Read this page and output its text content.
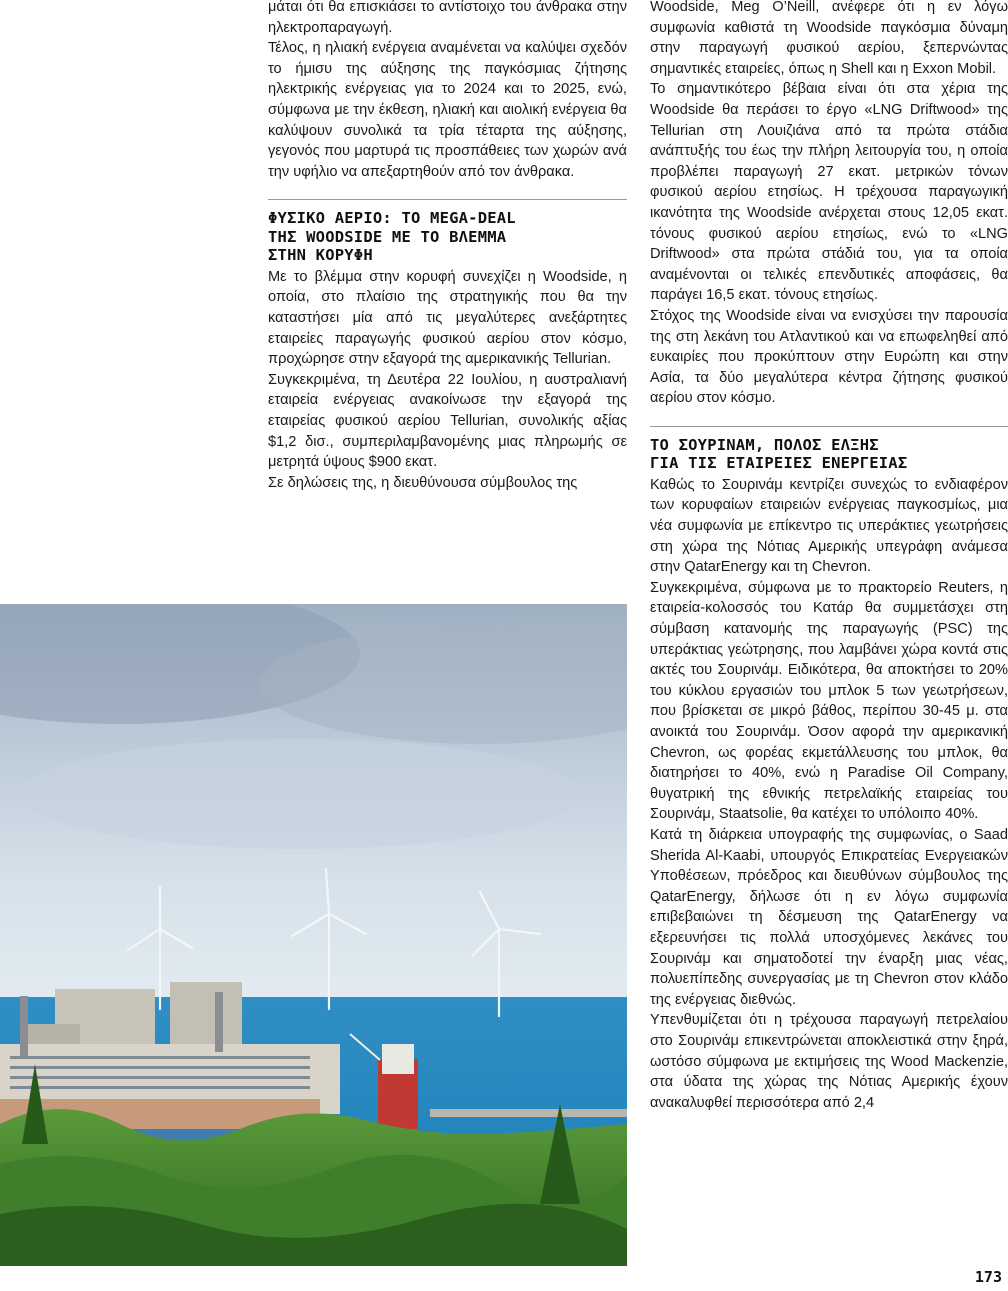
μάται ότι θα επισκιάσει το αντίστοιχο του άνθρακα στην ηλεκτροπαραγωγή.

Τέλος, η ηλιακή ενέργεια αναμένεται να καλύψει σχεδόν το ήμισυ της αύξησης της παγκόσμιας ζήτησης ηλεκτρικής ενέργειας για το 2024 και το 2025, ενώ, σύμφωνα με την έκθεση, ηλιακή και αιολική ενέργεια θα καλύψουν συνολικά τα τρία τέταρτα της αύξησης, γεγονός που μαρτυρά τις προσπάθειες των χωρών ανά την υφήλιο να απεξαρτηθούν από τον άνθρακα.

ΦΥΣΙΚΟ ΑΕΡΙΟ: ΤΟ MEGA-DEAL
ΤΗΣ WOODSIDE ΜΕ ΤΟ ΒΛΕΜΜΑ
ΣΤΗΝ ΚΟΡΥΦΗ

Με το βλέμμα στην κορυφή συνεχίζει η Woodside, η οποία, στο πλαίσιο της στρατηγικής που θα την καταστήσει μία από τις μεγαλύτερες ανεξάρτητες εταιρείες παραγωγής φυσικού αερίου στον κόσμο, προχώρησε στην εξαγορά της αμερικανικής Tellurian.

Συγκεκριμένα, τη Δευτέρα 22 Ιουλίου, η αυστραλιανή εταιρεία ενέργειας ανακοίνωσε την εξαγορά της εταιρείας φυσικού αερίου Tellurian, συνολικής αξίας $1,2 δισ., συμπεριλαμβανομένης μιας πληρωμής σε μετρητά ύψους $900 εκατ.

Σε δηλώσεις της, η διευθύνουσα σύμβουλος της

Woodside, Meg O’Neill, ανέφερε ότι η εν λόγω συμφωνία καθιστά τη Woodside παγκόσμια δύναμη στην παραγωγή φυσικού αερίου, ξεπερνώντας σημαντικές εταιρείες, όπως η Shell και η Exxon Mobil.

Το σημαντικότερο βέβαια είναι ότι στα χέρια της Woodside θα περάσει το έργο «LNG Driftwood» της Tellurian στη Λουιζιάνα από τα πρώτα στάδια ανάπτυξής του έως την πλήρη λειτουργία του, η οποία προβλέπει παραγωγή 27 εκατ. μετρικών τόνων φυσικού αερίου ετησίως. Η τρέχουσα παραγωγική ικανότητα της Woodside ανέρχεται στους 12,05 εκατ. τόνους φυσικού αερίου ετησίως, ενώ το «LNG Driftwood» στα πρώτα στάδιά του, για τα οποία αναμένονται οι τελικές επενδυτικές αποφάσεις, θα παράγει 16,5 εκατ. τόνους ετησίως.

Στόχος της Woodside είναι να ενισχύσει την παρουσία της στη λεκάνη του Ατλαντικού και να επωφεληθεί από ευκαιρίες που προκύπτουν στην Ευρώπη και στην Ασία, τα δύο μεγαλύτερα κέντρα ζήτησης φυσικού αερίου στον κόσμο.

ΤΟ ΣΟΥΡΙΝΑΜ, ΠΟΛΟΣ ΕΛΞΗΣ
ΓΙΑ ΤΙΣ ΕΤΑΙΡΕΙΕΣ ΕΝΕΡΓΕΙΑΣ

Καθώς το Σουρινάμ κεντρίζει συνεχώς το ενδιαφέρον των κορυφαίων εταιρειών ενέργειας παγκοσμίως, μια νέα συμφωνία με επίκεντρο τις υπεράκτιες γεωτρήσεις στη χώρα της Νότιας Αμερικής υπεγράφη ανάμεσα στην QatarEnergy και τη Chevron.

Συγκεκριμένα, σύμφωνα με το πρακτορείο Reuters, η εταιρεία-κολοσσός του Κατάρ θα συμμετάσχει στη σύμβαση κατανομής της παραγωγής (PSC) της υπεράκτιας γεώτρησης, που λαμβάνει χώρα κοντά στις ακτές του Σουρινάμ. Ειδικότερα, θα αποκτήσει το 20% του κύκλου εργασιών του μπλοκ 5 των γεωτρήσεων, που βρίσκεται σε μικρό βάθος, περίπου 30-45 μ. στα ανοικτά του Σουρινάμ. Όσον αφορά την αμερικανική Chevron, ως φορέας εκμετάλλευσης του μπλοκ, θα διατηρήσει το 40%, ενώ η Paradise Oil Company, θυγατρική της εθνικής πετρελαϊκής εταιρείας του Σουρινάμ, Staatsolie, θα κατέχει το υπόλοιπο 40%.

Κατά τη διάρκεια υπογραφής της συμφωνίας, ο Saad Sherida Al-Kaabi, υπουργός Επικρατείας Ενεργειακών Υποθέσεων, πρόεδρος και διευθύνων σύμβουλος της QatarEnergy, δήλωσε ότι η εν λόγω συμφωνία επιβεβαιώνει τη δέσμευση της QatarEnergy να εξερευνήσει τις πολλά υποσχόμενες λεκάνες του Σουρινάμ και σηματοδοτεί την έναρξη μιας νέας, πολυεπίπεδης συνεργασίας με τη Chevron στον κλάδο της ενέργειας διεθνώς.

Υπενθυμίζεται ότι η τρέχουσα παραγωγή πετρελαίου στο Σουρινάμ επικεντρώνεται αποκλειστικά στην ξηρά, ωστόσο σύμφωνα με εκτιμήσεις της Wood Mackenzie, στα ύδατα της χώρας της Νότιας Αμερικής έχουν ανακαλυφθεί περισσότερα από 2,4

173
